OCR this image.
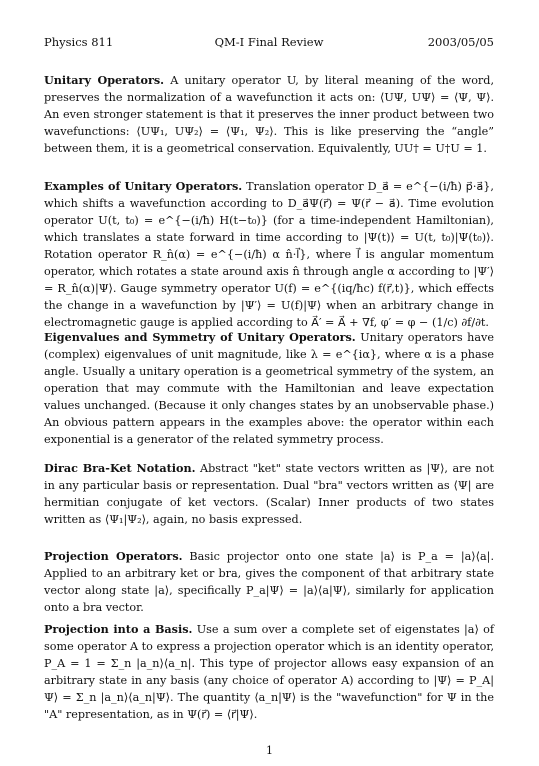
QM-I Final Review
Physics 811	2003/05/05
Unitary Operators. A unitary operator U, by literal meaning of the word, preserves the normalization of a wavefunction it acts on: ⟨UΨ, UΨ⟩ = ⟨Ψ, Ψ⟩. An even stronger statement is that it preserves the inner product between two wavefunctions: ⟨UΨ₁, UΨ₂⟩ = ⟨Ψ₁, Ψ₂⟩. This is like preserving the “angle” between them, it is a geometrical conservation. Equivalently, UU† = U†U = 1.
Examples of Unitary Operators. Translation operator D_a⃗ = e^{−(i/ħ) p⃗·a⃗}, which shifts a wavefunction according to D_a⃗Ψ(r⃗) = Ψ(r⃗ − a⃗). Time evolution operator U(t, t₀) = e^{−(i/ħ) H(t−t₀)} (for a time-independent Hamiltonian), which translates a state forward in time according to |Ψ(t)⟩ = U(t, t₀)|Ψ(t₀)⟩. Rotation operator R_n̂(α) = e^{−(i/ħ) α n̂·l⃗}, where l⃗ is angular momentum operator, which rotates a state around axis n̂ through angle α according to |Ψ′⟩ = R_n̂(α)|Ψ⟩. Gauge symmetry operator U(f) = e^{(iq/ħc) f(r⃗,t)}, which effects the change in a wavefunction by |Ψ′⟩ = U(f)|Ψ⟩ when an arbitrary change in electromagnetic gauge is applied according to A⃗′ = A⃗ + ∇f, φ′ = φ − (1/c) ∂f/∂t.
Eigenvalues and Symmetry of Unitary Operators. Unitary operators have (complex) eigenvalues of unit magnitude, like λ = e^{iα}, where α is a phase angle. Usually a unitary operation is a geometrical symmetry of the system, an operation that may commute with the Hamiltonian and leave expectation values unchanged. (Because it only changes states by an unobservable phase.) An obvious pattern appears in the examples above: the operator within each exponential is a generator of the related symmetry process.
Dirac Bra-Ket Notation. Abstract "ket" state vectors written as |Ψ⟩, are not in any particular basis or representation. Dual "bra" vectors written as ⟨Ψ| are hermitian conjugate of ket vectors. (Scalar) Inner products of two states written as ⟨Ψ₁|Ψ₂⟩, again, no basis expressed.
Projection Operators. Basic projector onto one state |a⟩ is P_a = |a⟩⟨a|. Applied to an arbitrary ket or bra, gives the component of that arbitrary state vector along state |a⟩, specifically P_a|Ψ⟩ = |a⟩⟨a|Ψ⟩, similarly for application onto a bra vector.
Projection into a Basis. Use a sum over a complete set of eigenstates |a⟩ of some operator A to express a projection operator which is an identity operator, P_A = 1 = Σ_n |a_n⟩⟨a_n|. This type of projector allows easy expansion of an arbitrary state in any basis (any choice of operator A) according to |Ψ⟩ = P_A|Ψ⟩ = Σ_n |a_n⟩⟨a_n|Ψ⟩. The quantity ⟨a_n|Ψ⟩ is the "wavefunction" for Ψ in the "A" representation, as in Ψ(r⃗) = ⟨r⃗|Ψ⟩.
1
